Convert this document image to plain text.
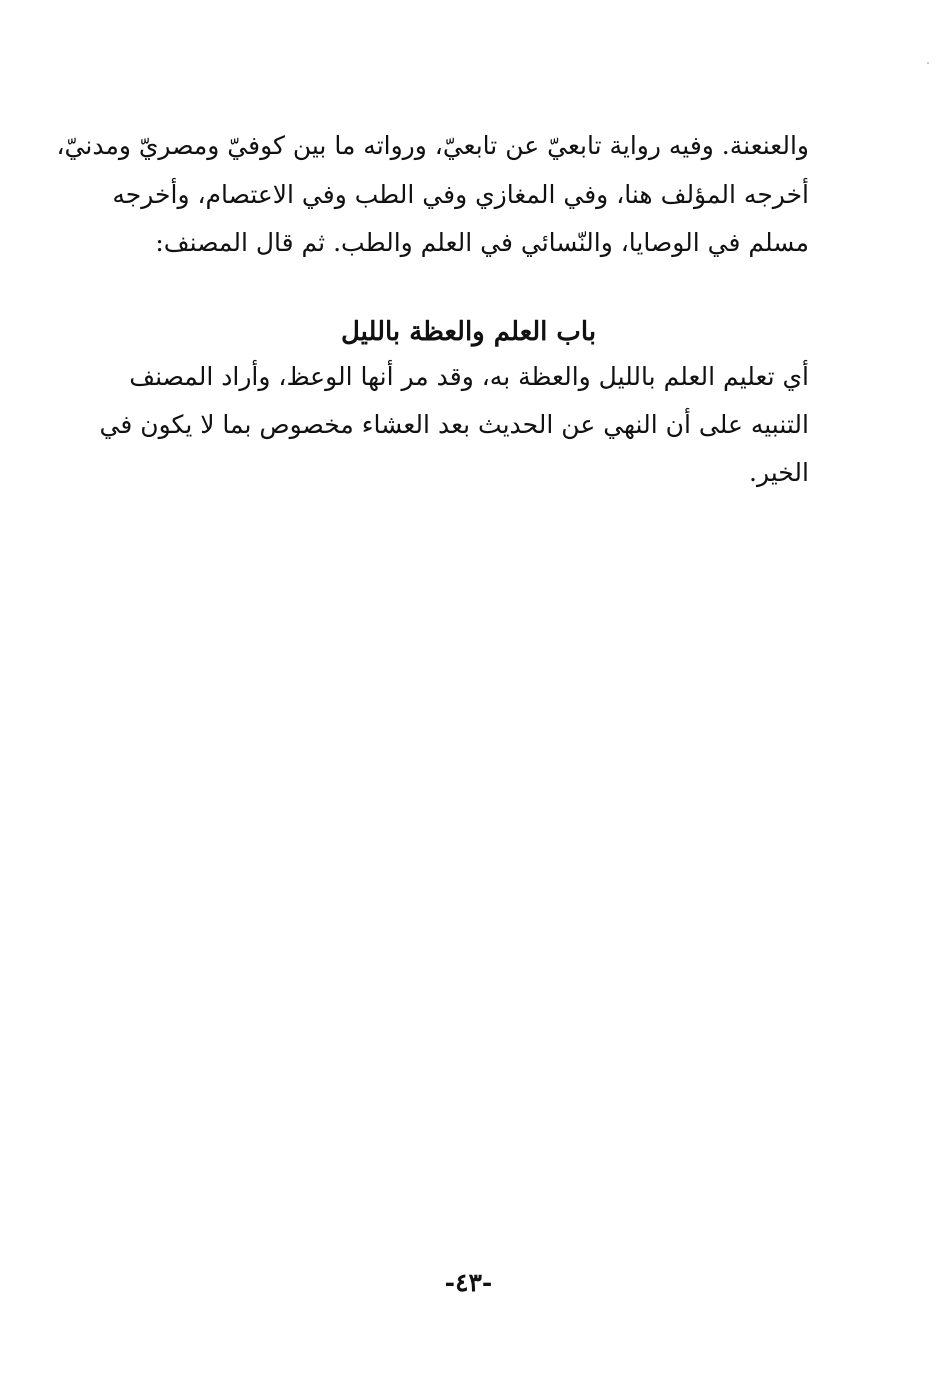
والعنعنة. وفيه رواية تابعيّ عن تابعيّ، ورواته ما بين كوفيّ ومصريّ ومدنيّ،
أخرجه المؤلف هنا، وفي المغازي وفي الطب وفي الاعتصام، وأخرجه
مسلم في الوصايا، والنّسائي في العلم والطب. ثم قال المصنف:
باب العلم والعظة بالليل
أي تعليم العلم بالليل والعظة به، وقد مر أنها الوعظ، وأراد المصنف
التنبيه على أن النهي عن الحديث بعد العشاء مخصوص بما لا يكون في
الخير.
-٤٣-
